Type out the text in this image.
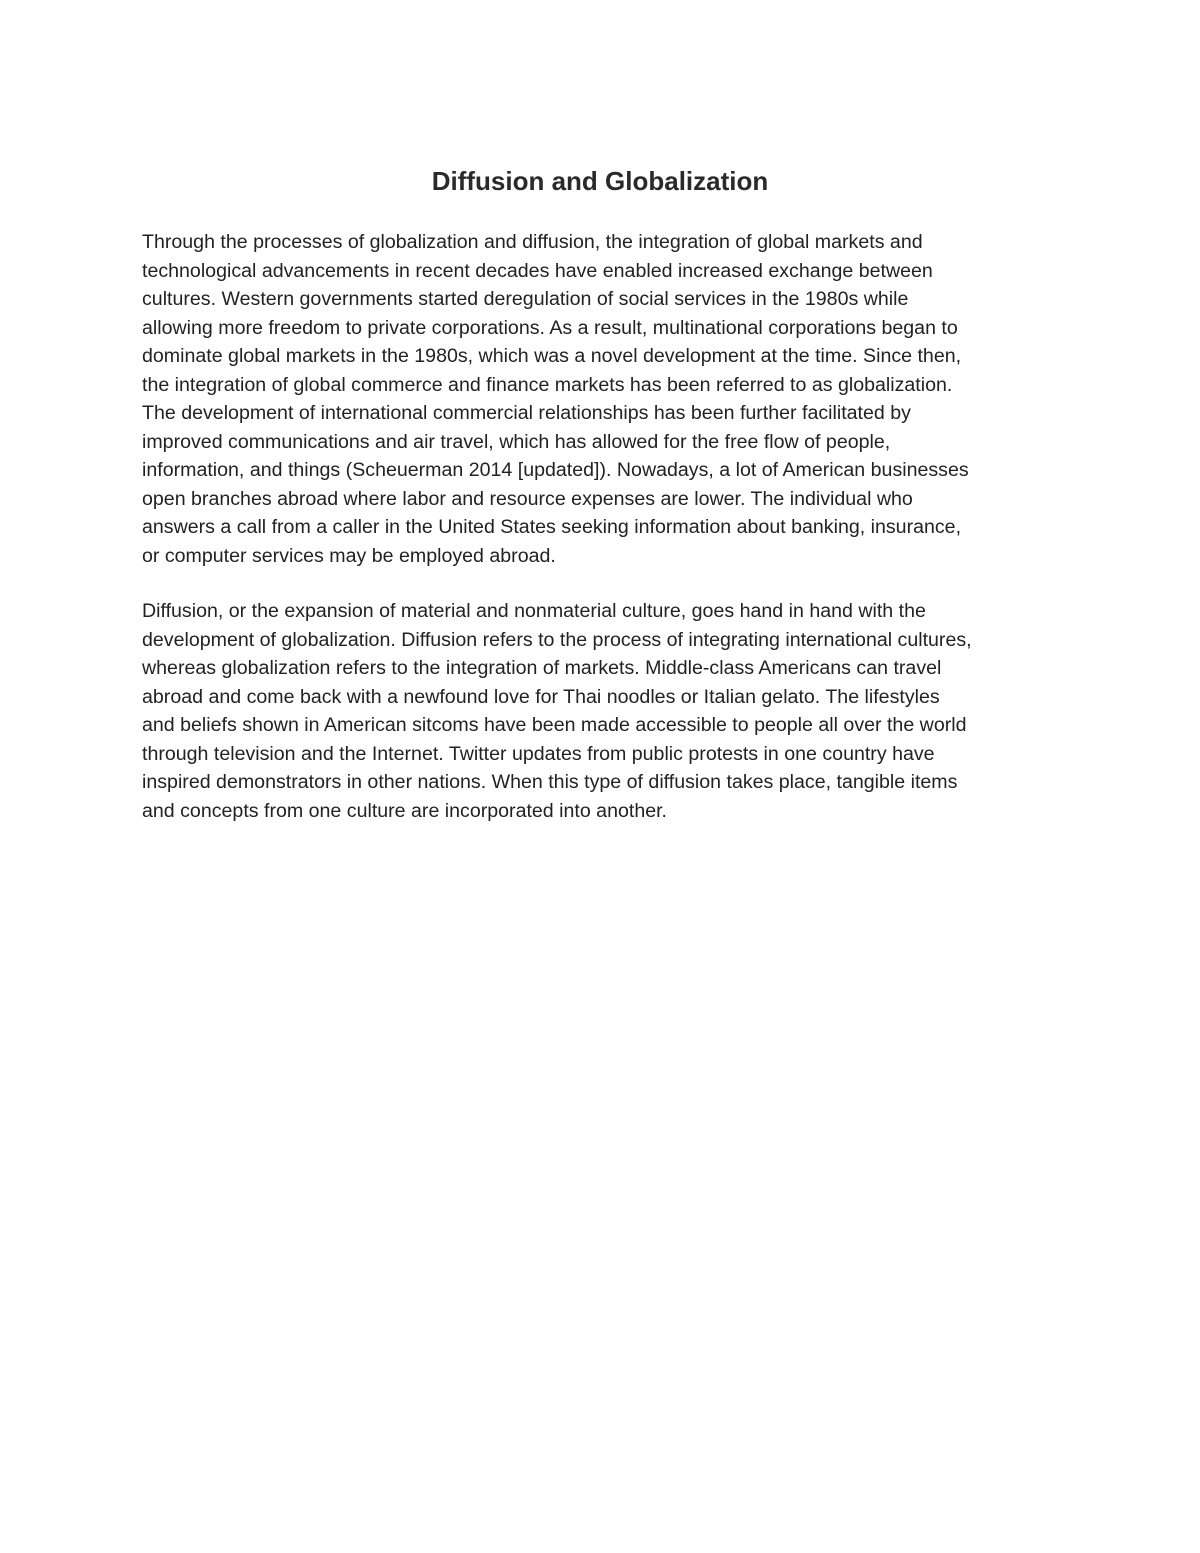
Diffusion and Globalization

Through the processes of globalization and diffusion, the integration of global markets and
technological advancements in recent decades have enabled increased exchange between
cultures. Western governments started deregulation of social services in the 1980s while
allowing more freedom to private corporations. As a result, multinational corporations began to
dominate global markets in the 1980s, which was a novel development at the time. Since then,
the integration of global commerce and finance markets has been referred to as globalization.
The development of international commercial relationships has been further facilitated by
improved communications and air travel, which has allowed for the free flow of people,
information, and things (Scheuerman 2014 [updated]). Nowadays, a lot of American businesses
open branches abroad where labor and resource expenses are lower. The individual who
answers a call from a caller in the United States seeking information about banking, insurance,
or computer services may be employed abroad.

Diffusion, or the expansion of material and nonmaterial culture, goes hand in hand with the
development of globalization. Diffusion refers to the process of integrating international cultures,
whereas globalization refers to the integration of markets. Middle-class Americans can travel
abroad and come back with a newfound love for Thai noodles or Italian gelato. The lifestyles
and beliefs shown in American sitcoms have been made accessible to people all over the world
through television and the Internet. Twitter updates from public protests in one country have
inspired demonstrators in other nations. When this type of diffusion takes place, tangible items
and concepts from one culture are incorporated into another.
